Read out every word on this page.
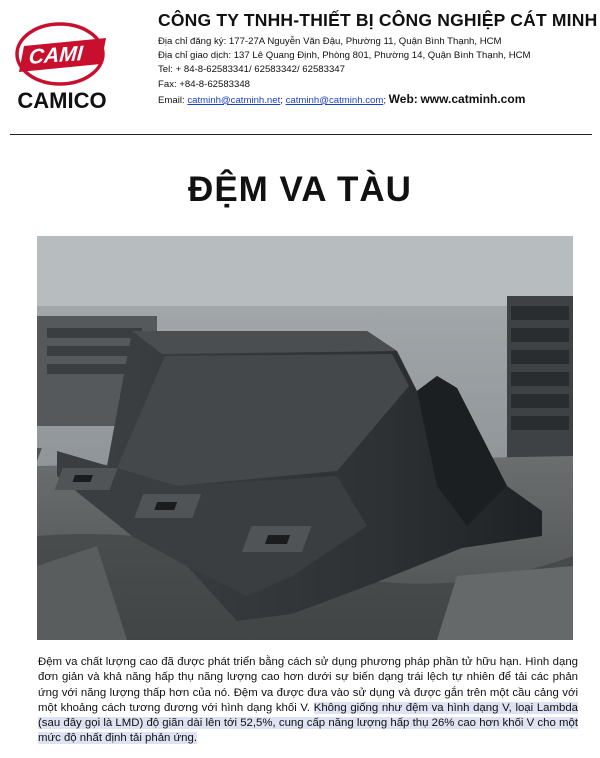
CAMI
CAMICO
CÔNG TY TNHH-THIẾT BỊ CÔNG NGHIỆP CÁT MINH
Địa chỉ đăng ký: 177-27A Nguyễn Văn Đậu, Phường 11, Quận Bình Thạnh, HCM
Địa chỉ giao dịch: 137 Lê Quang Định, Phòng 801, Phường 14, Quận Bình Thạnh, HCM
Tel: + 84-8-62583341/ 62583342/ 62583347
Fax: +84-8-62583348
Email: catminh@catminh.net; catminh@catminh.com; Web: www.catminh.com
ĐỆM VA TÀU
Đệm va chất lượng cao đã được phát triển bằng cách sử dụng phương pháp phần tử hữu hạn. Hình dạng đơn giản và khả năng hấp thụ năng lượng cao hơn dưới sự biến dạng trái lệch tự nhiên để tải các phản ứng với năng lượng thấp hơn của nó. Đệm va được đưa vào sử dụng và được gắn trên một cầu cảng với một khoảng cách tương đương với hình dạng khối V. Không giống như đệm va hình dạng V, loại Lambda (sau đây gọi là LMD) độ giãn dài lên tới 52,5%, cung cấp năng lượng hấp thụ 26% cao hơn khối V cho một mức độ nhất định tải phản ứng.
